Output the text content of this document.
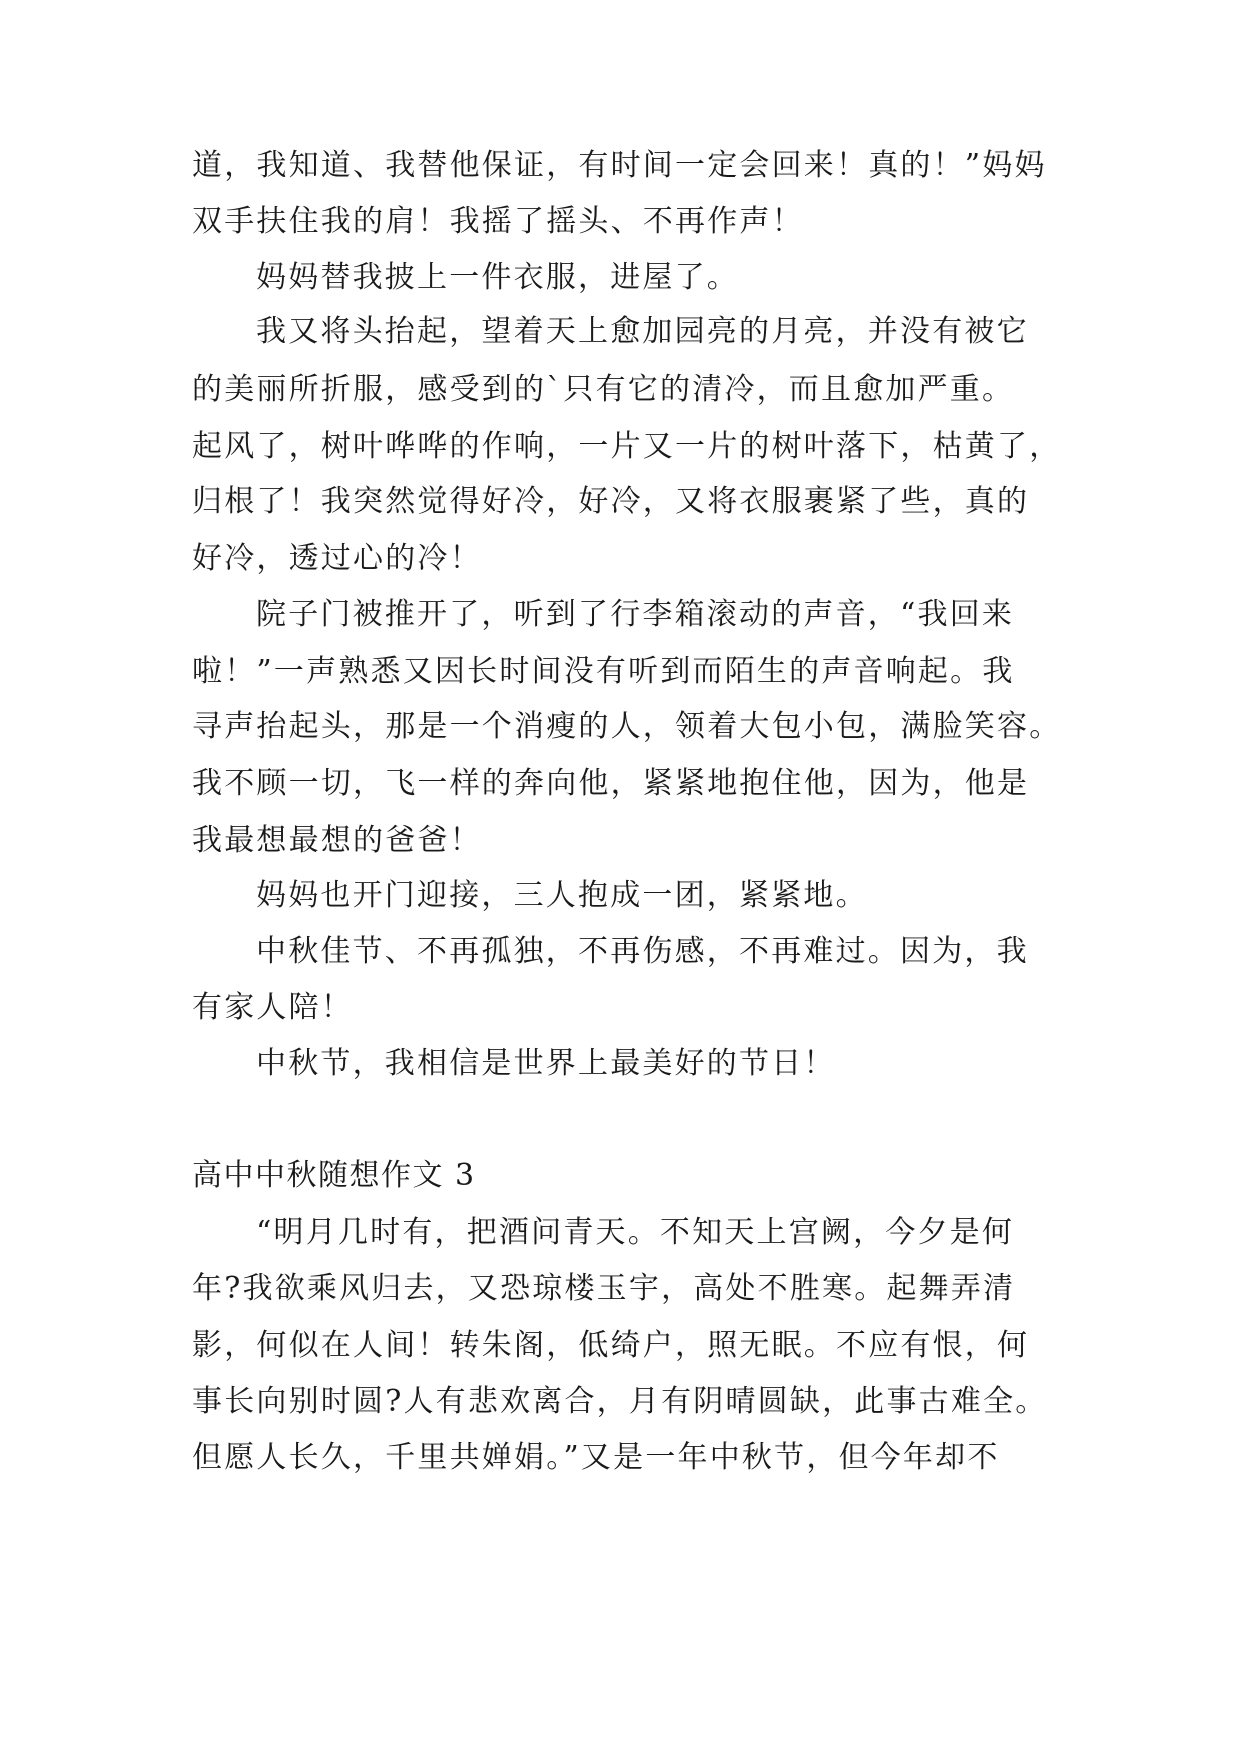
道，我知道、我替他保证，有时间一定会回来！真的！”妈妈
双手扶住我的肩！我摇了摇头、不再作声！
妈妈替我披上一件衣服，进屋了。
我又将头抬起，望着天上愈加园亮的月亮，并没有被它
的美丽所折服，感受到的`只有它的清冷，而且愈加严重。
起风了，树叶哗哗的作响，一片又一片的树叶落下，枯黄了，
归根了！我突然觉得好冷，好冷，又将衣服裹紧了些，真的
好冷，透过心的冷！
院子门被推开了，听到了行李箱滚动的声音，“我回来
啦！”一声熟悉又因长时间没有听到而陌生的声音响起。我
寻声抬起头，那是一个消瘦的人，领着大包小包，满脸笑容。
我不顾一切，飞一样的奔向他，紧紧地抱住他，因为，他是
我最想最想的爸爸！
妈妈也开门迎接，三人抱成一团，紧紧地。
中秋佳节、不再孤独，不再伤感，不再难过。因为，我
有家人陪！
中秋节，我相信是世界上最美好的节日！
高中中秋随想作文 3
“明月几时有，把酒问青天。不知天上宫阙，今夕是何
年?我欲乘风归去，又恐琼楼玉宇，高处不胜寒。起舞弄清
影，何似在人间！转朱阁，低绮户，照无眠。不应有恨，何
事长向别时圆?人有悲欢离合，月有阴晴圆缺，此事古难全。
但愿人长久，千里共婵娟。”又是一年中秋节，但今年却不
